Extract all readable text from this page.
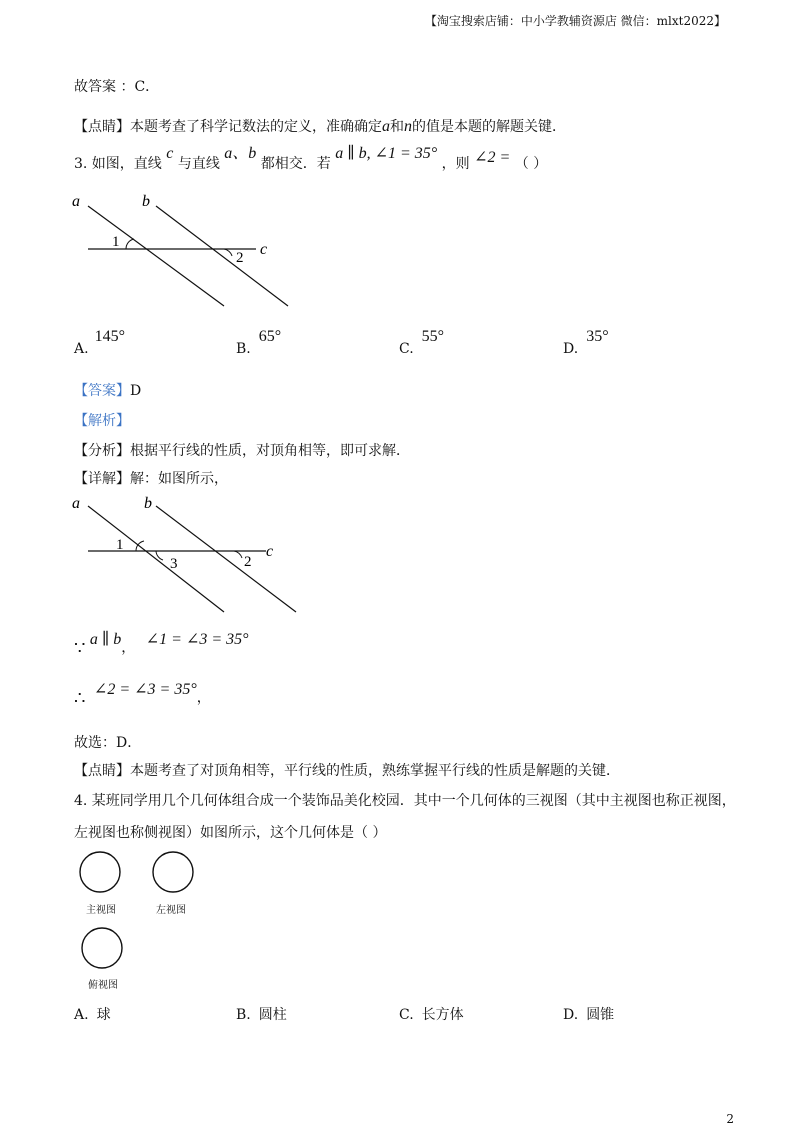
【淘宝搜索店铺：中小学教辅资源店 微信：mlxt2022】
故答案 ：C．
【点睛】本题考查了科学记数法的定义，准确确定a和n的值是本题的解题关键．
3. 如图，直线 c 与直线 a、b 都相交．若 a ∥ b, ∠1 = 35° ，则 ∠2 = （ ）
a	b
c
1
2
A.145°
B.65°
C.55°
D.35°
【答案】D
【解析】
【分析】根据平行线的性质，对顶角相等，即可求解．
【详解】解：如图所示，
a	b
c
1
3	2
∵ a ∥ b， ∠1 = ∠3 = 35°
∴ ∠2 = ∠3 = 35°，
故选：D．
【点睛】本题考查了对顶角相等，平行线的性质，熟练掌握平行线的性质是解题的关键．
4. 某班同学用几个几何体组合成一个装饰品美化校园．其中一个几何体的三视图（其中主视图也称正视图，
左视图也称侧视图）如图所示，这个几何体是（ ）
主视图	左视图
俯视图
A. 球	B. 圆柱	C. 长方体	D. 圆锥
2
